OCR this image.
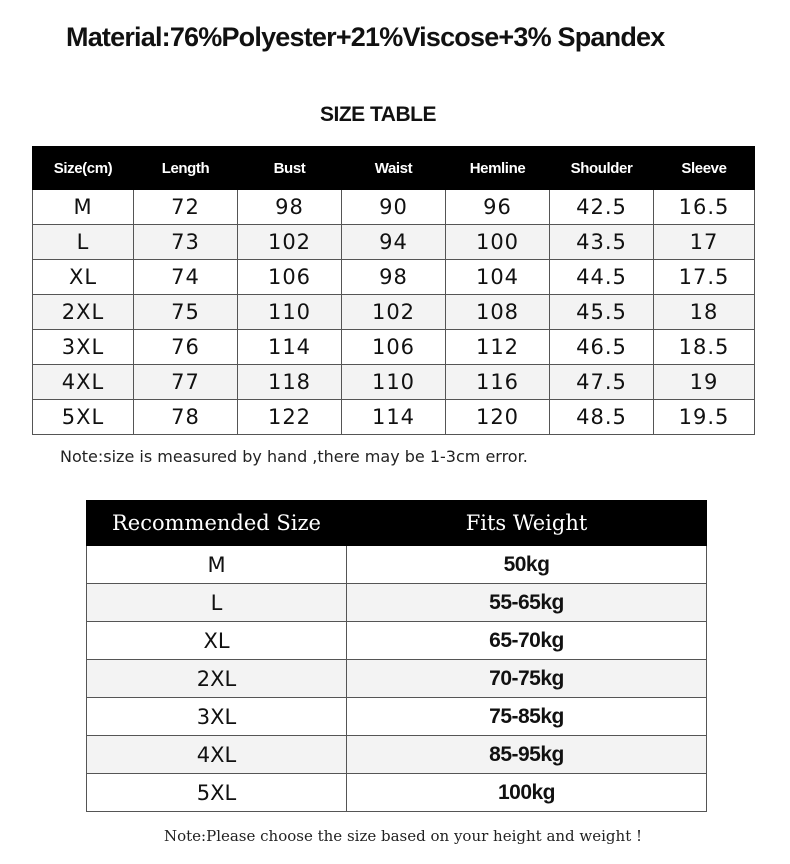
Material:76%Polyester+21%Viscose+3% Spandex
SIZE TABLE
Size(cm)	Length	Bust	Waist	Hemline	Shoulder	Sleeve
M	72	98	90	96	42.5	16.5
L	73	102	94	100	43.5	17
XL	74	106	98	104	44.5	17.5
2XL	75	110	102	108	45.5	18
3XL	76	114	106	112	46.5	18.5
4XL	77	118	110	116	47.5	19
5XL	78	122	114	120	48.5	19.5
Note:size is measured by hand ,there may be 1-3cm error.
Recommended Size	Fits Weight
M	50kg
L	55-65kg
XL	65-70kg
2XL	70-75kg
3XL	75-85kg
4XL	85-95kg
5XL	100kg
Note:Please choose the size based on your height and weight !
